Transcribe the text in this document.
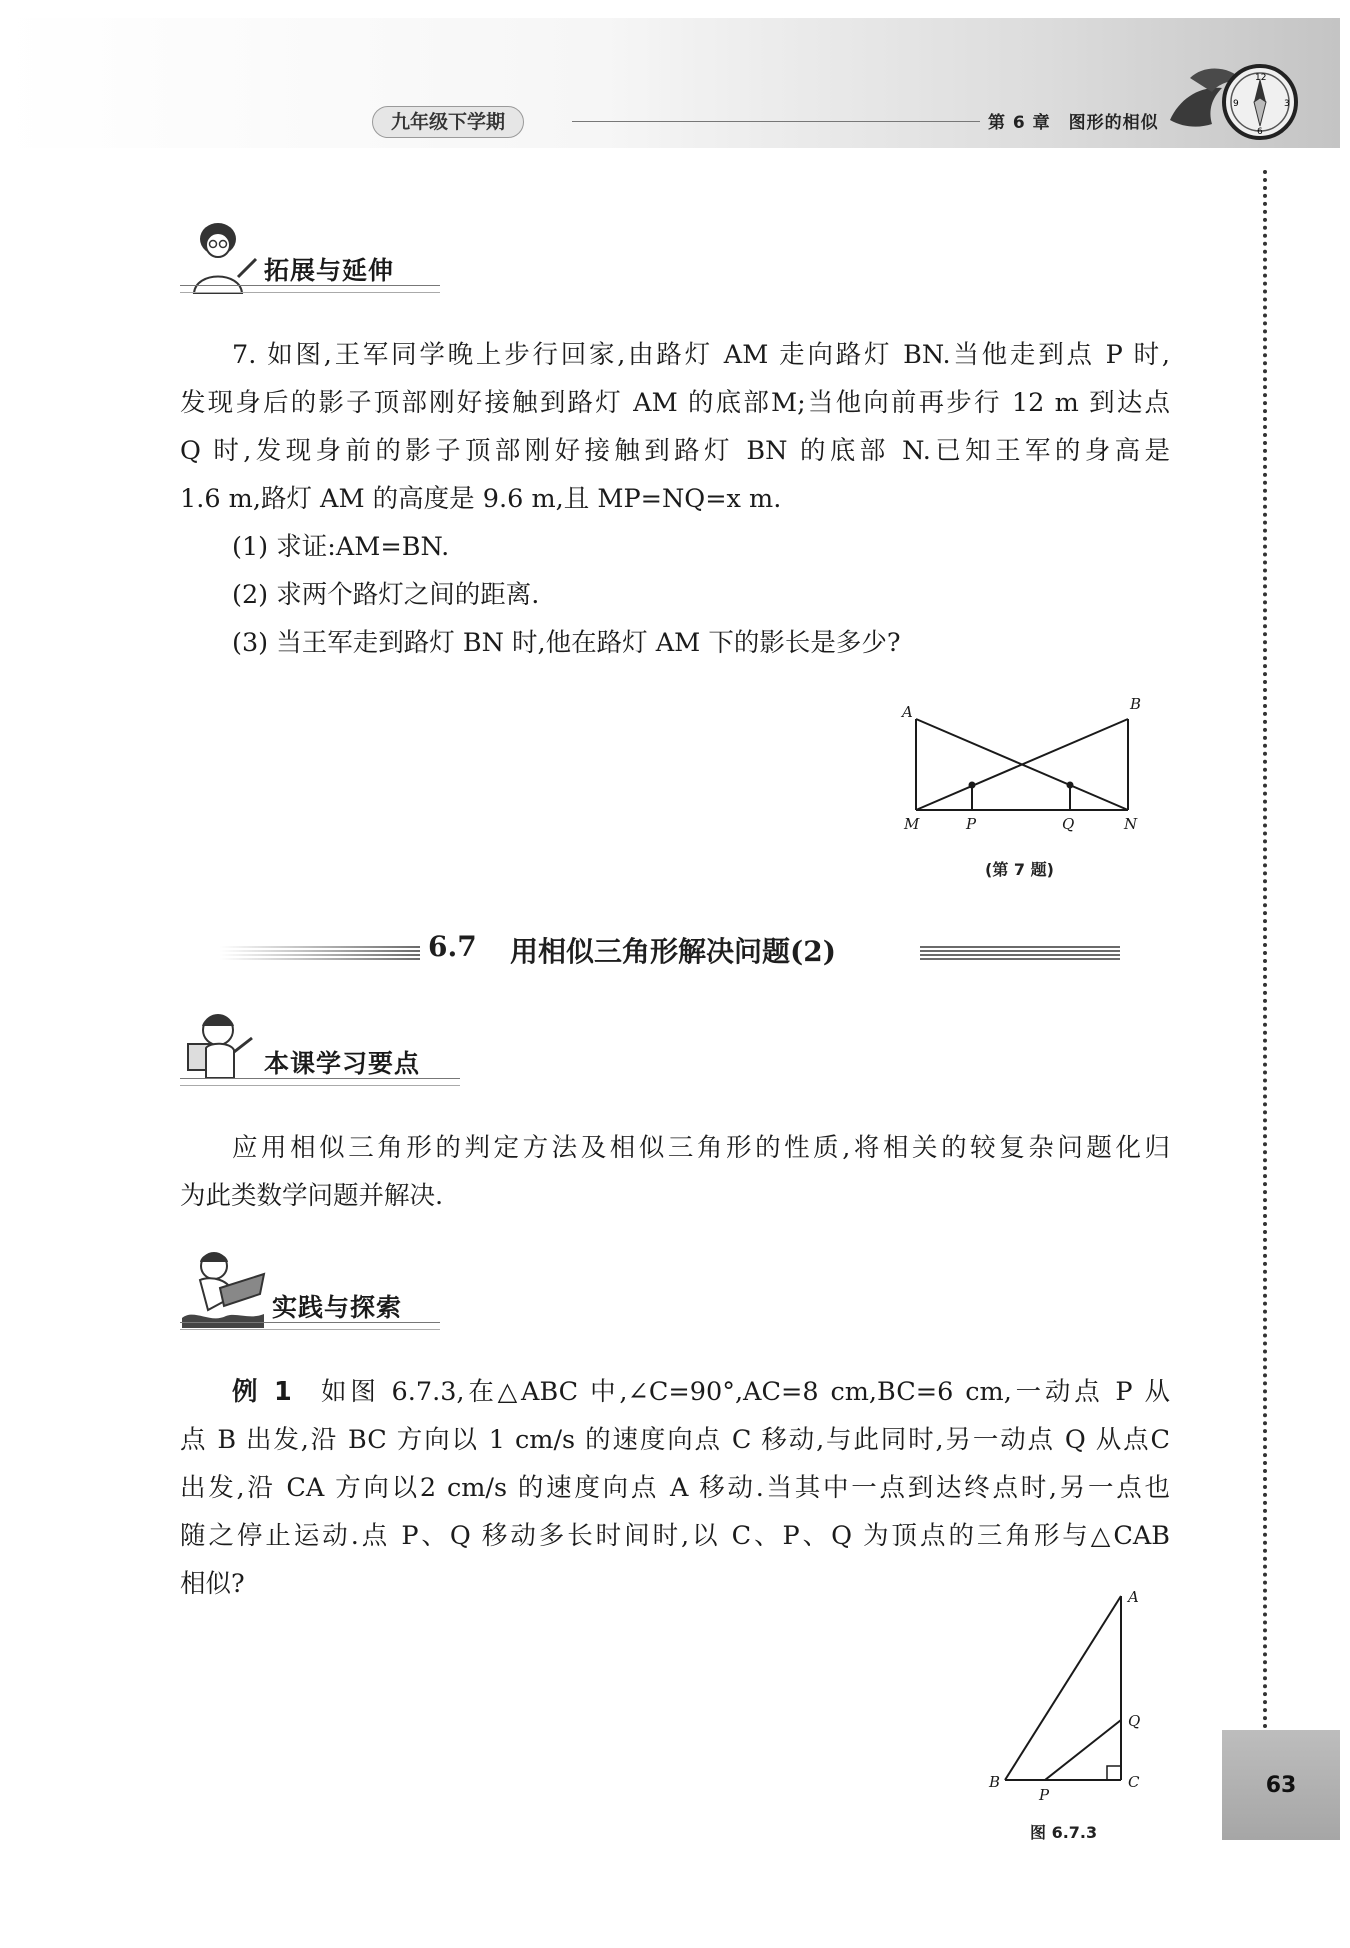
九年级下学期	第 6 章　图形的相似
12
3
6
9
拓展与延伸
7. 如图,王军同学晚上步行回家,由路灯 AM 走向路灯 BN.当他走到点 P 时,
发现身后的影子顶部刚好接触到路灯 AM 的底部M;当他向前再步行 12 m 到达点
Q 时,发现身前的影子顶部刚好接触到路灯 BN 的底部 N.已知王军的身高是
1.6 m,路灯 AM 的高度是 9.6 m,且 MP=NQ=x m.
(1) 求证:AM=BN.
(2) 求两个路灯之间的距离.
(3) 当王军走到路灯 BN 时,他在路灯 AM 下的影长是多少?
A	B
M	P	Q	N
(第 7 题)
6.7 用相似三角形解决问题(2)
本课学习要点
应用相似三角形的判定方法及相似三角形的性质,将相关的较复杂问题化归
为此类数学问题并解决.
实践与探索
例 1  如图 6.7.3,在△ABC 中,∠C=90°,AC=8 cm,BC=6 cm,一动点 P 从
点 B 出发,沿 BC 方向以 1 cm/s 的速度向点 C 移动,与此同时,另一动点 Q 从点C
出发,沿 CA 方向以2 cm/s 的速度向点 A 移动.当其中一点到达终点时,另一点也
随之停止运动.点 P、Q 移动多长时间时,以 C、P、Q 为顶点的三角形与△CAB
相似?	A
Q
B
P
C
图 6.7.3
63
